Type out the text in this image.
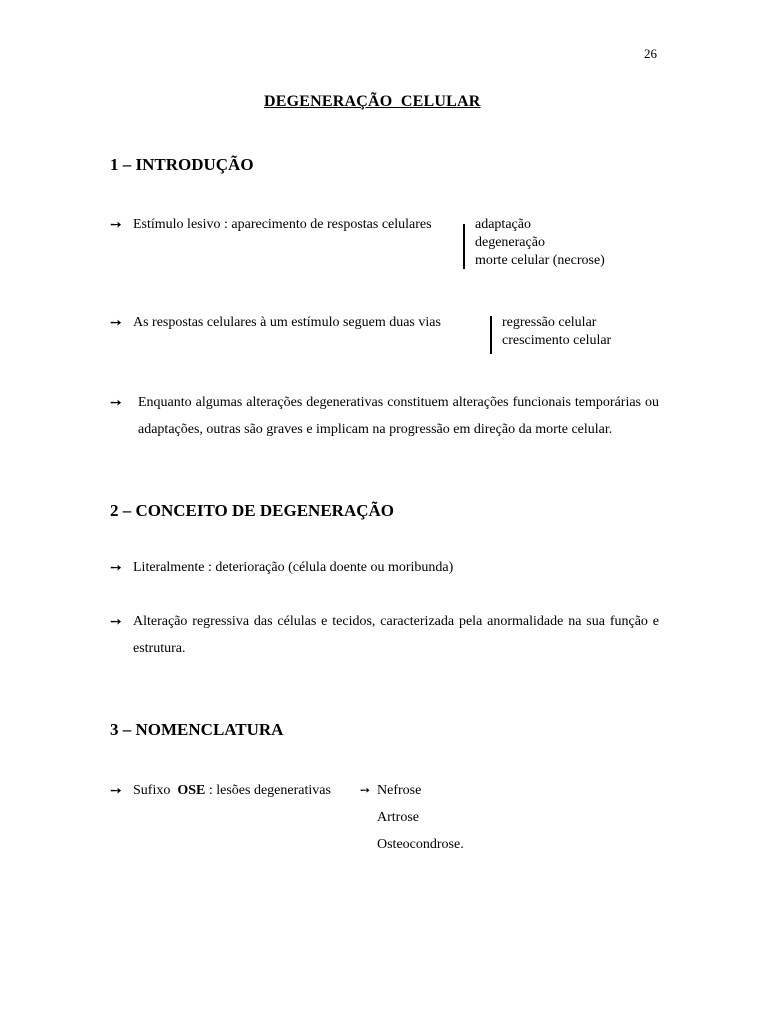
26
DEGENERAÇÃO CELULAR
1 – INTRODUÇÃO
➙ Estímulo lesivo : aparecimento de respostas celulares	adaptação
degeneração
morte celular (necrose)
➙ As respostas celulares à um estímulo seguem duas vias	regressão celular
crescimento celular
➙ Enquanto algumas alterações degenerativas constituem alterações funcionais temporárias ou adaptações, outras são graves e implicam na progressão em direção da morte celular.
2 – CONCEITO DE DEGENERAÇÃO
➙ Literalmente : deterioração (célula doente ou moribunda)
➙ Alteração regressiva das células e tecidos, caracterizada pela anormalidade na sua função e estrutura.
3 – NOMENCLATURA
➙ Sufixo OSE : lesões degenerativas ➙ Nefrose
Artrose
Osteocondrose.
